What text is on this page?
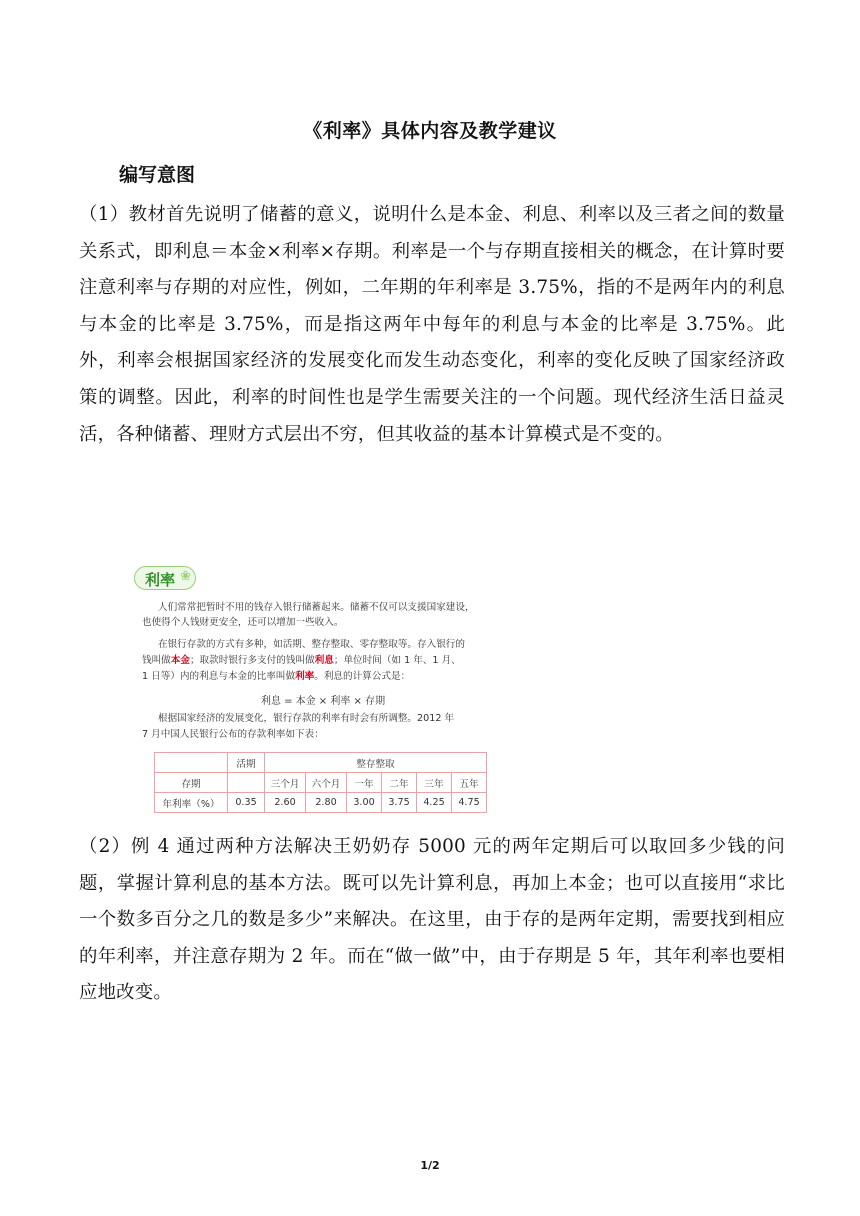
《利率》具体内容及教学建议
编写意图

（1）教材首先说明了储蓄的意义，说明什么是本金、利息、利率以及三者之间的数量关系式，即利息＝本金×利率×存期。利率是一个与存期直接相关的概念，在计算时要注意利率与存期的对应性，例如，二年期的年利率是 3.75%，指的不是两年内的利息与本金的比率是 3.75%，而是指这两年中每年的利息与本金的比率是 3.75%。此外，利率会根据国家经济的发展变化而发生动态变化，利率的变化反映了国家经济政策的调整。因此，利率的时间性也是学生需要关注的一个问题。现代经济生活日益灵活，各种储蓄、理财方式层出不穷，但其收益的基本计算模式是不变的。

利率 ❀
人们常常把暂时不用的钱存入银行储蓄起来。储蓄不仅可以支援国家建设，
也使得个人钱财更安全，还可以增加一些收入。
在银行存款的方式有多种，如活期、整存整取、零存整取等。存入银行的
钱叫做本金；取款时银行多支付的钱叫做利息；单位时间（如 1 年、1 月、
1 日等）内的利息与本金的比率叫做利率。利息的计算公式是：
利息 = 本金 × 利率 × 存期
根据国家经济的发展变化，银行存款的利率有时会有所调整。2012 年
7 月中国人民银行公布的存款利率如下表：
	活期	整存整取					
存期		三个月	六个月	一年	二年	三年	五年
年利率（%）	0.35	2.60	2.80	3.00	3.75	4.25	4.75

（2）例 4 通过两种方法解决王奶奶存 5000 元的两年定期后可以取回多少钱的问题，掌握计算利息的基本方法。既可以先计算利息，再加上本金；也可以直接用“求比一个数多百分之几的数是多少”来解决。在这里，由于存的是两年定期，需要找到相应的年利率，并注意存期为 2 年。而在“做一做”中，由于存期是 5 年，其年利率也要相应地改变。

1/2
